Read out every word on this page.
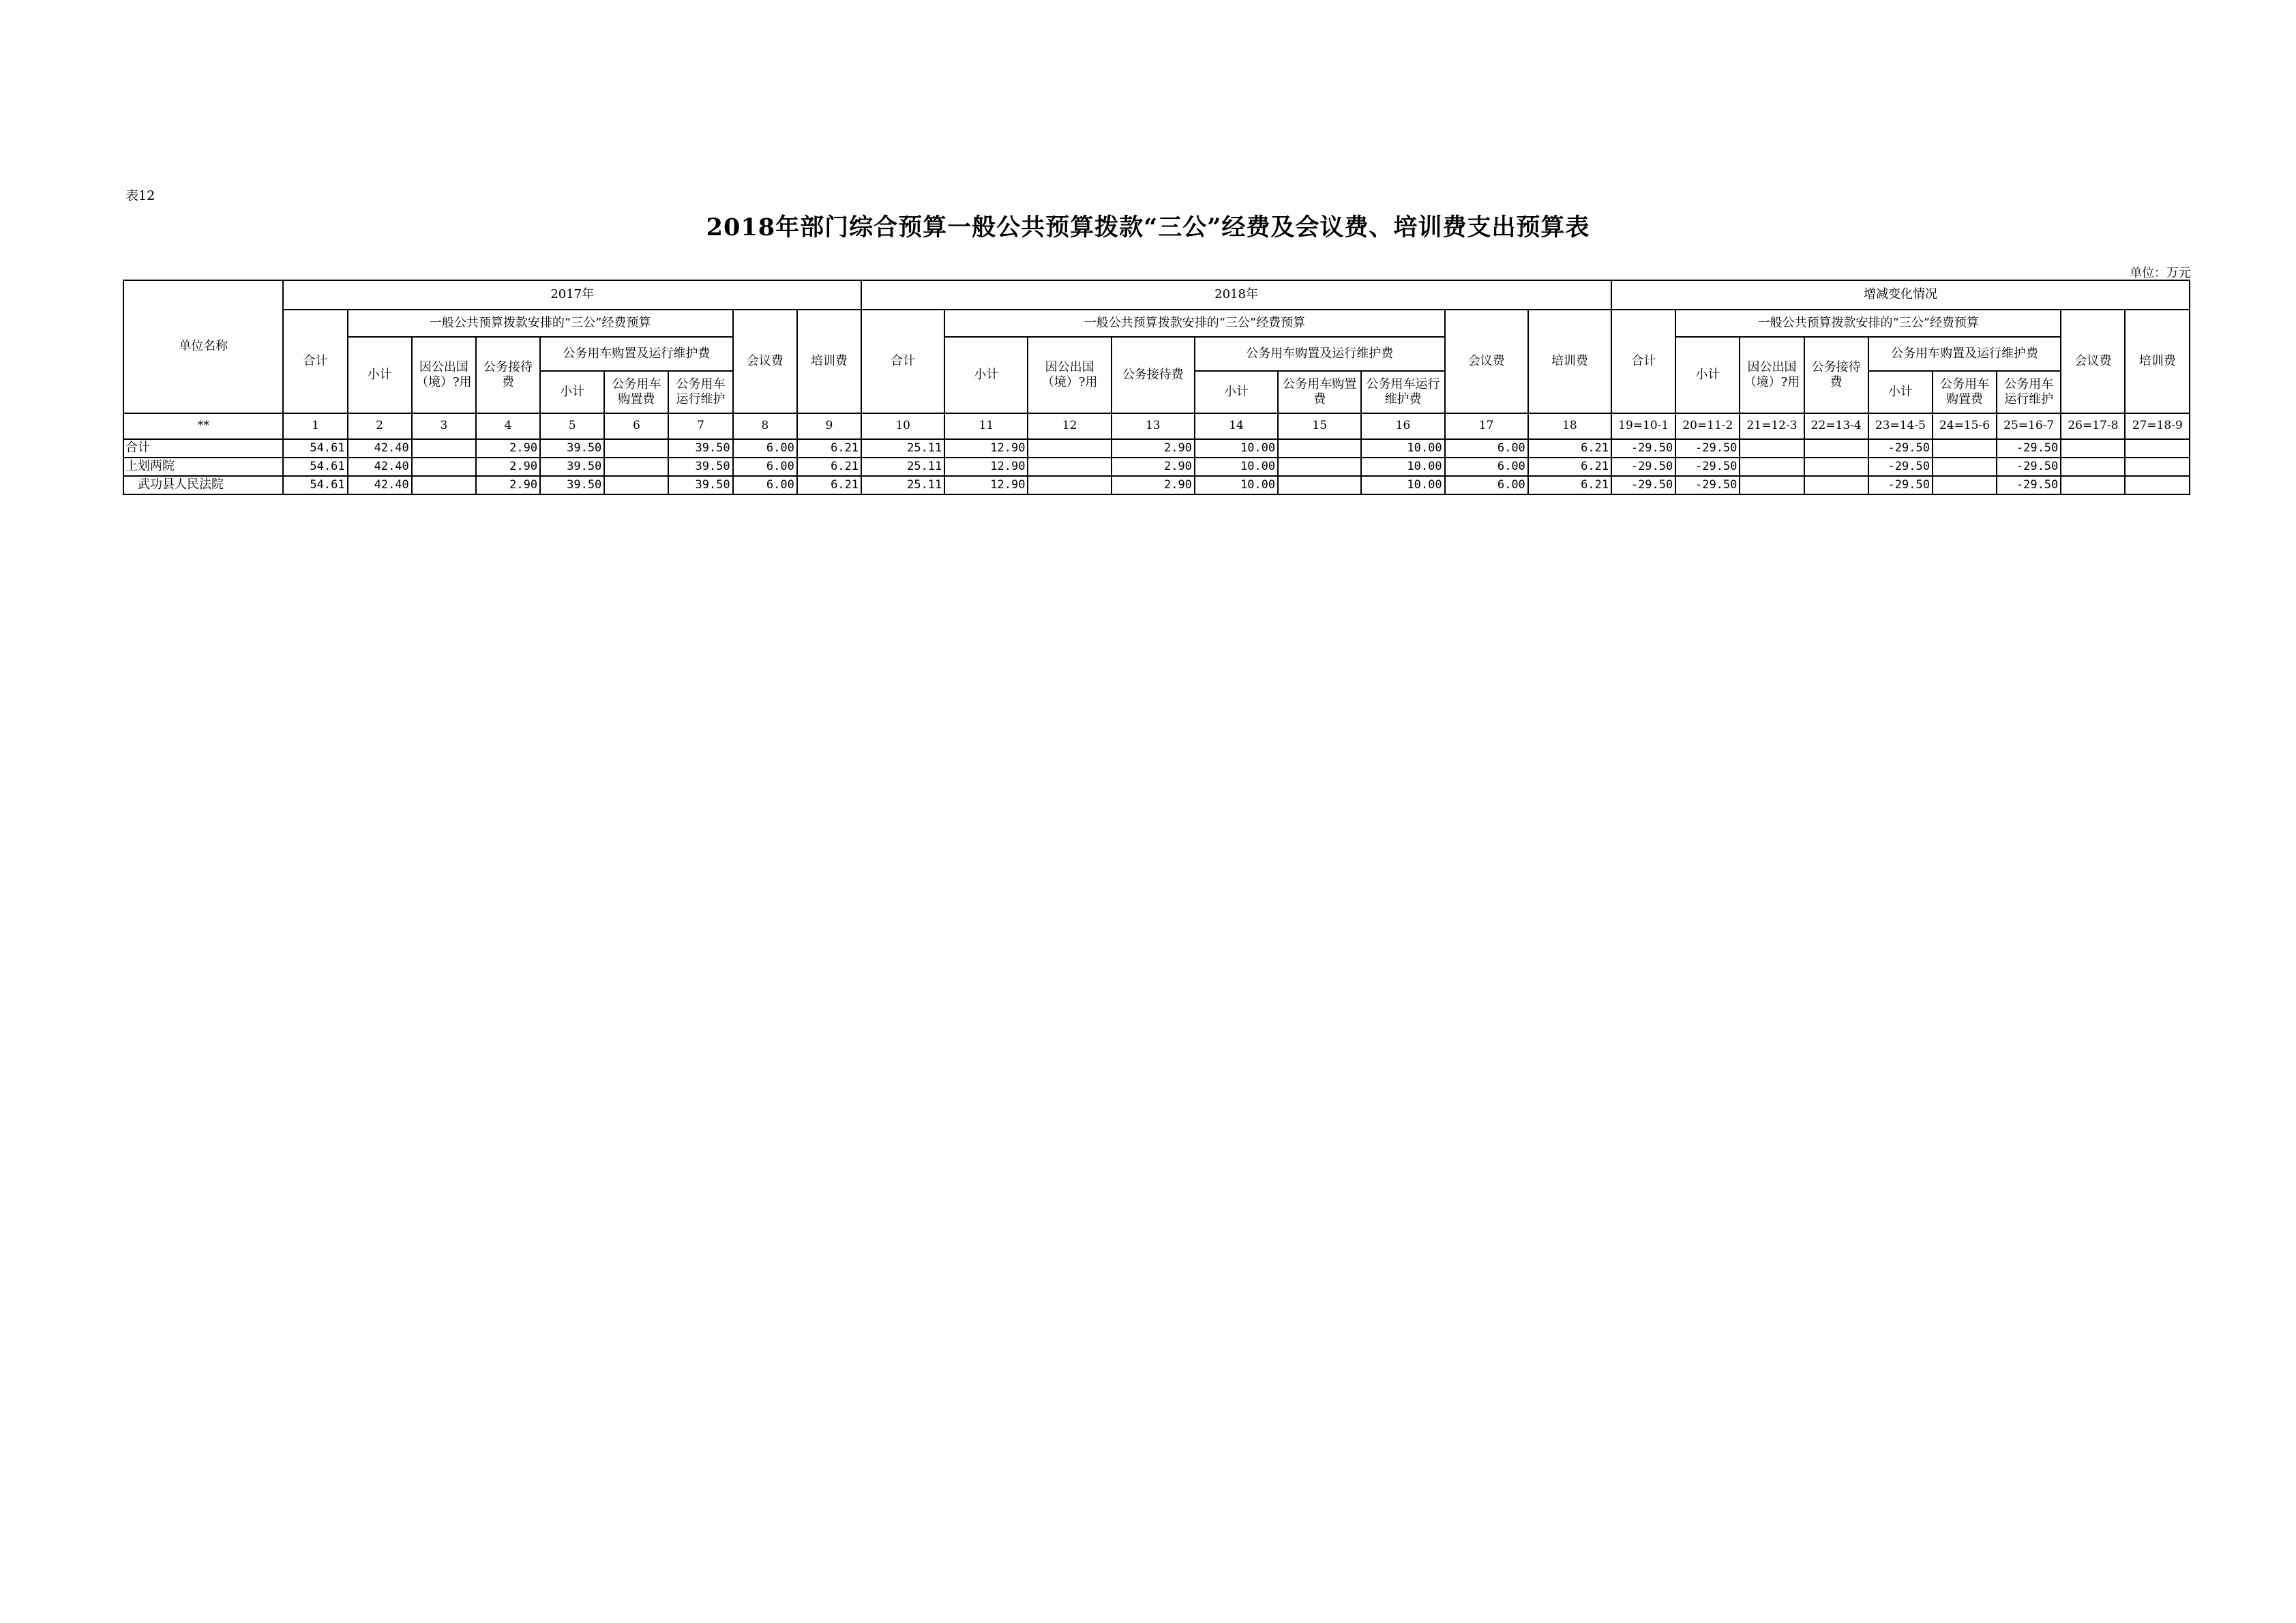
表12
2018年部门综合预算一般公共预算拨款“三公”经费及会议费、培训费支出预算表
单位：万元
单位名称	2017年									2018年									增减变化情况								
	合计	一般公共预算拨款安排的“三公”经费预算						会议费	培训费	合计	一般公共预算拨款安排的“三公”经费预算						会议费	培训费	合计	一般公共预算拨款安排的“三公”经费预算						会议费	培训费
		小计	因公出国（境）?用	公务接待费	公务用车购置及运行维护费						小计	因公出国（境）?用	公务接待费	公务用车购置及运行维护费						小计	因公出国（境）?用	公务接待费	公务用车购置及运行维护费				
					小计	公务用车购置费	公务用车运行维护							小计	公务用车购置费	公务用车运行维护费							小计	公务用车购置费	公务用车运行维护		
**	1	2	3	4	5	6	7	8	9	10	11	12	13	14	15	16	17	18	19=10-1	20=11-2	21=12-3	22=13-4	23=14-5	24=15-6	25=16-7	26=17-8	27=18-9
合计	54.61	42.40		2.90	39.50		39.50	6.00	6.21	25.11	12.90		2.90	10.00		10.00	6.00	6.21	-29.50	-29.50			-29.50		-29.50		
上划两院	54.61	42.40		2.90	39.50		39.50	6.00	6.21	25.11	12.90		2.90	10.00		10.00	6.00	6.21	-29.50	-29.50			-29.50		-29.50		
武功县人民法院	54.61	42.40		2.90	39.50		39.50	6.00	6.21	25.11	12.90		2.90	10.00		10.00	6.00	6.21	-29.50	-29.50			-29.50		-29.50		
